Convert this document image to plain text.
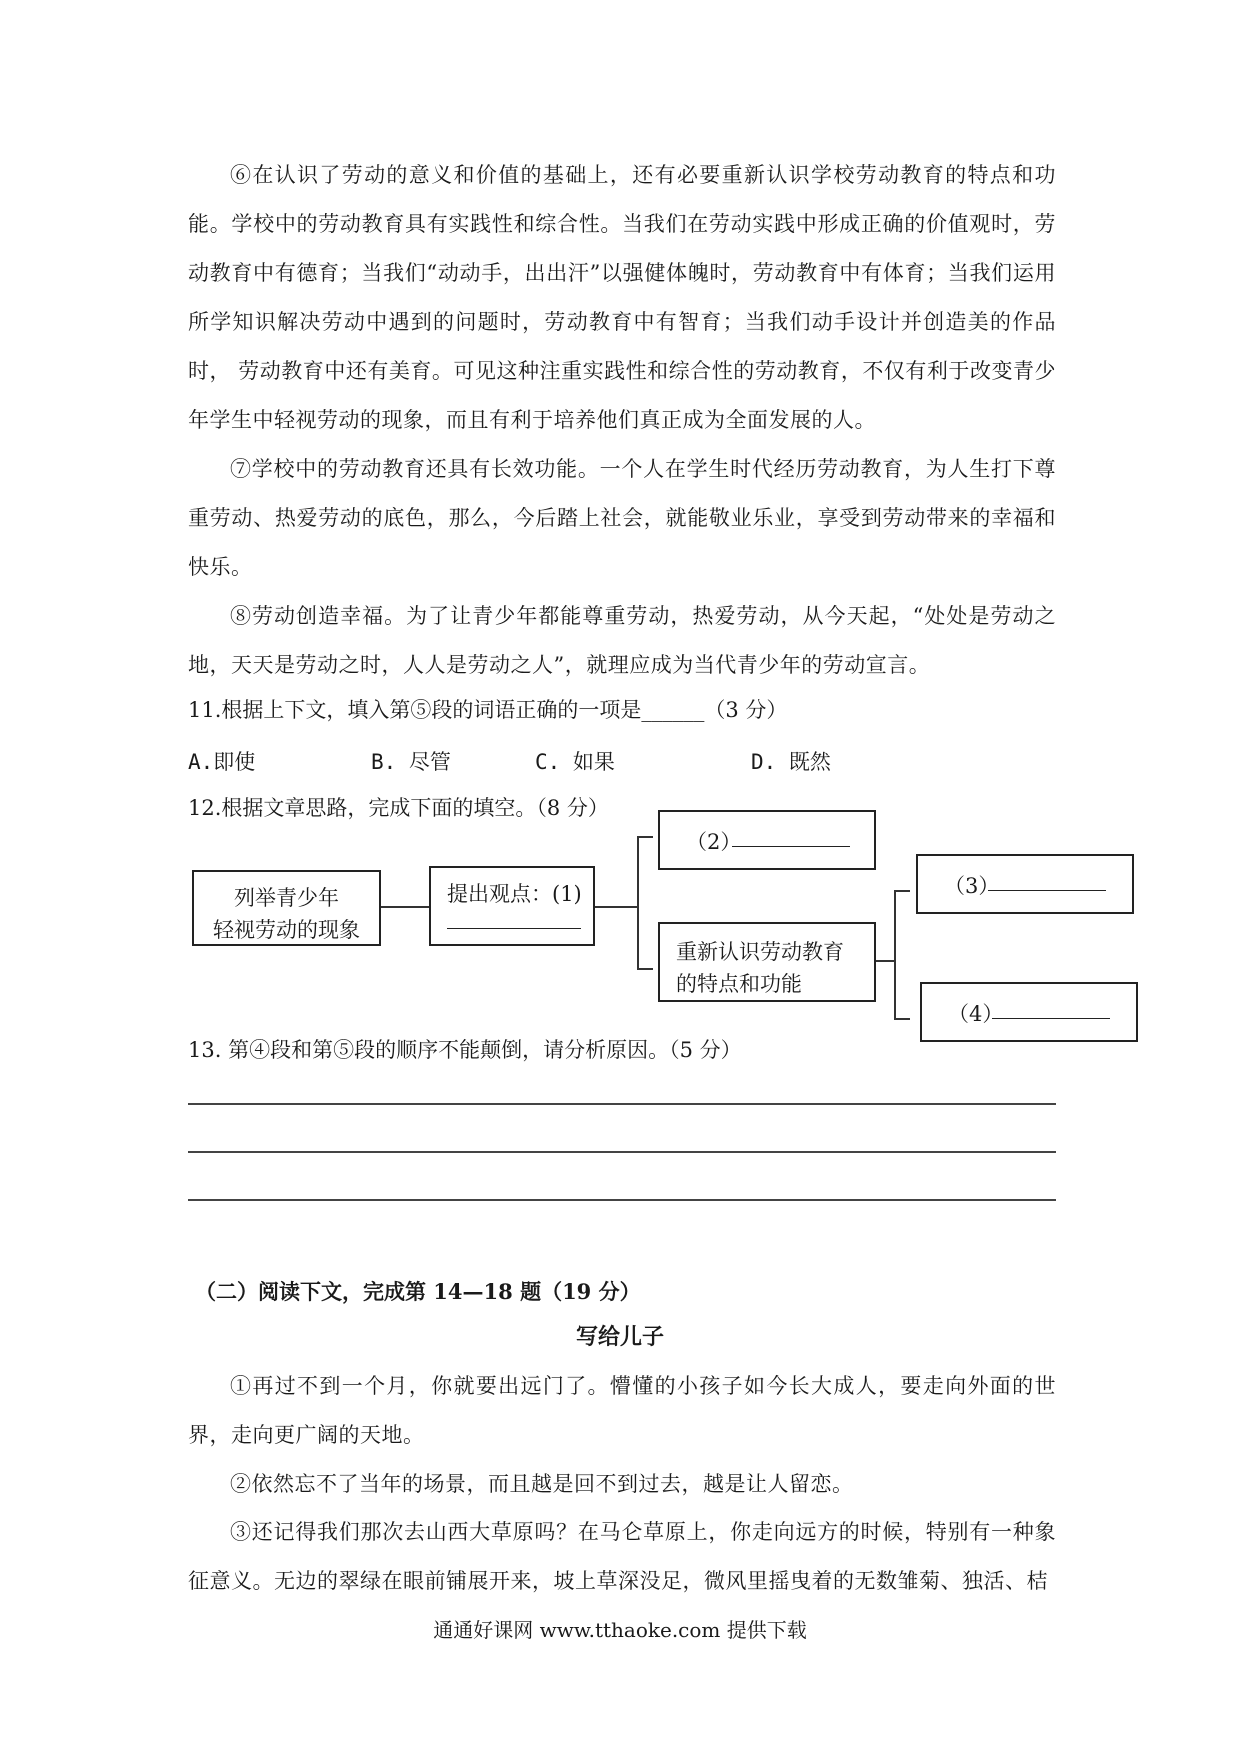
⑥在认识了劳动的意义和价值的基础上，还有必要重新认识学校劳动教育的特点和功能。学校中的劳动教育具有实践性和综合性。当我们在劳动实践中形成正确的价值观时，劳动教育中有德育；当我们“动动手，出出汗”以强健体魄时，劳动教育中有体育；当我们运用所学知识解决劳动中遇到的问题时，劳动教育中有智育；当我们动手设计并创造美的作品时， 劳动教育中还有美育。可见这种注重实践性和综合性的劳动教育，不仅有利于改变青少年学生中轻视劳动的现象，而且有利于培养他们真正成为全面发展的人。

⑦学校中的劳动教育还具有长效功能。一个人在学生时代经历劳动教育，为人生打下尊重劳动、热爱劳动的底色，那么，今后踏上社会，就能敬业乐业，享受到劳动带来的幸福和快乐。

⑧劳动创造幸福。为了让青少年都能尊重劳动，热爱劳动，从今天起，“处处是劳动之地，天天是劳动之时，人人是劳动之人”，就理应成为当代青少年的劳动宣言。

11.根据上下文，填入第⑤段的词语正确的一项是______（3 分）
A.即使	B. 尽管	C. 如果	D. 既然
12.根据文章思路，完成下面的填空。（8 分）
列举青少年
轻视劳动的现象
提出观点：(1)
（2）
重新认识劳动教育
的特点和功能
（3）
（4）
13. 第④段和第⑤段的顺序不能颠倒，请分析原因。（5 分）
（二）阅读下文，完成第 14—18 题（19 分）
写给儿子

①再过不到一个月，你就要出远门了。懵懂的小孩子如今长大成人，要走向外面的世界，走向更广阔的天地。

②依然忘不了当年的场景，而且越是回不到过去，越是让人留恋。

③还记得我们那次去山西大草原吗？在马仑草原上，你走向远方的时候，特别有一种象征意义。无边的翠绿在眼前铺展开来，坡上草深没足，微风里摇曳着的无数雏菊、独活、桔

通通好课网 www.tthaoke.com 提供下载
